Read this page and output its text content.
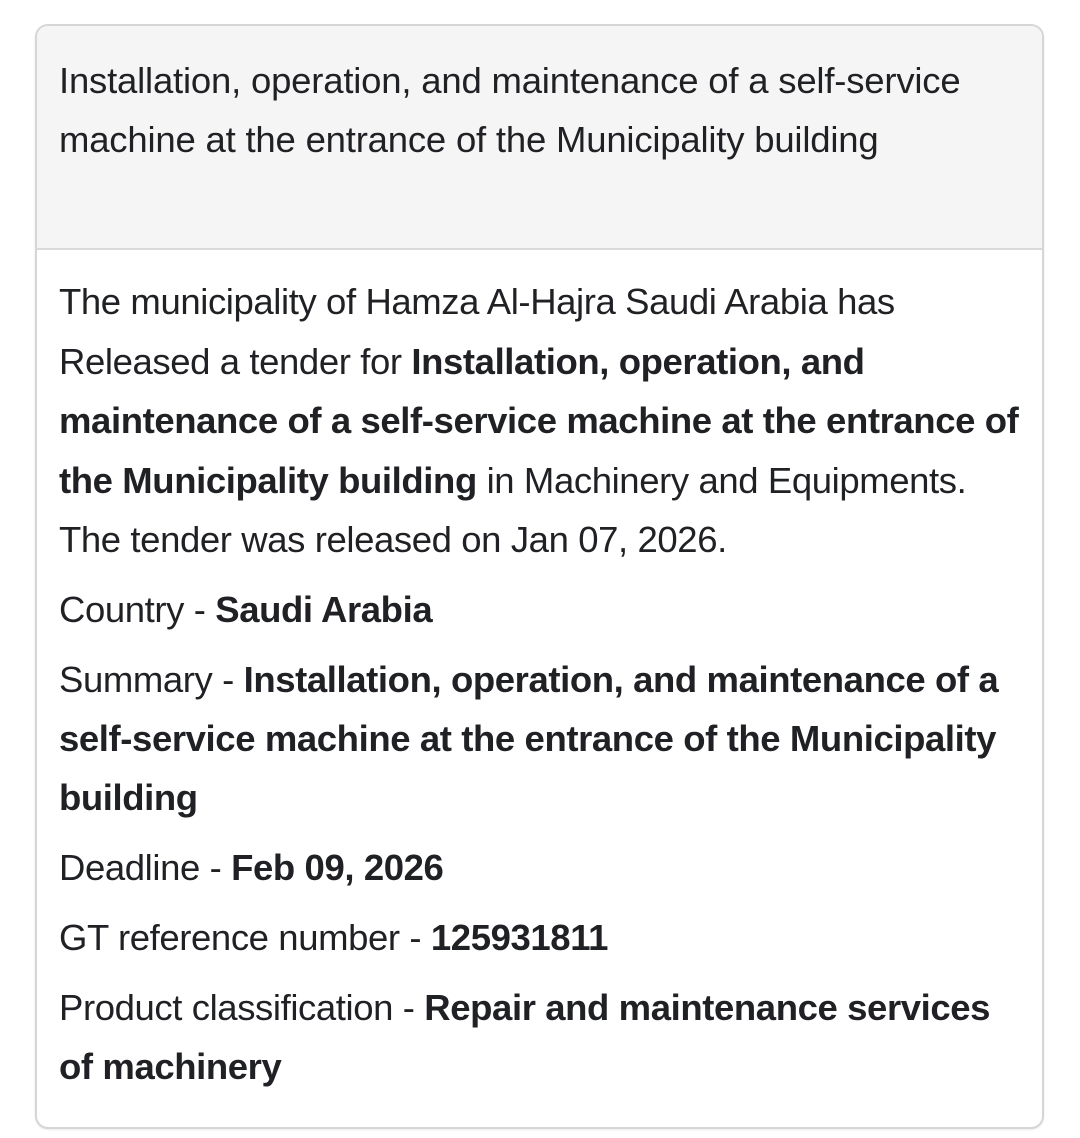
Installation, operation, and maintenance of a self-service machine at the entrance of the Municipality building
The municipality of Hamza Al-Hajra Saudi Arabia has Released a tender for Installation, operation, and maintenance of a self-service machine at the entrance of the Municipality building in Machinery and Equipments. The tender was released on Jan 07, 2026.
Country - Saudi Arabia
Summary - Installation, operation, and maintenance of a self-service machine at the entrance of the Municipality building
Deadline - Feb 09, 2026
GT reference number - 125931811
Product classification - Repair and maintenance services of machinery
